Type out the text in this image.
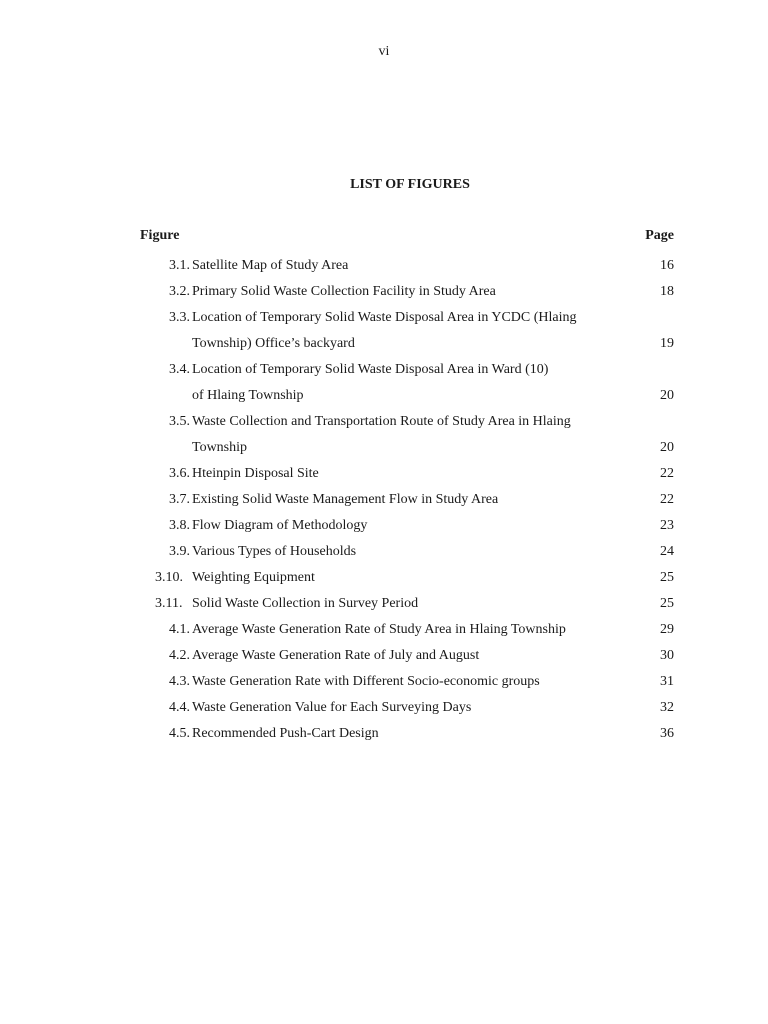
vi
LIST OF FIGURES
Figure	Page
3.1. Satellite Map of Study Area	16
3.2. Primary Solid Waste Collection Facility in Study Area	18
3.3. Location of Temporary Solid Waste Disposal Area in YCDC (Hlaing
Township) Office’s backyard	19
3.4. Location of Temporary Solid Waste Disposal Area in Ward (10)
of Hlaing Township	20
3.5. Waste Collection and Transportation Route of Study Area in Hlaing
Township	20
3.6. Hteinpin Disposal Site	22
3.7. Existing Solid Waste Management Flow in Study Area	22
3.8. Flow Diagram of Methodology	23
3.9. Various Types of Households	24
3.10. Weighting Equipment	25
3.11. Solid Waste Collection in Survey Period	25
4.1. Average Waste Generation Rate of Study Area in Hlaing Township	29
4.2. Average Waste Generation Rate of July and August	30
4.3. Waste Generation Rate with Different Socio-economic groups	31
4.4. Waste Generation Value for Each Surveying Days	32
4.5. Recommended Push-Cart Design	36
